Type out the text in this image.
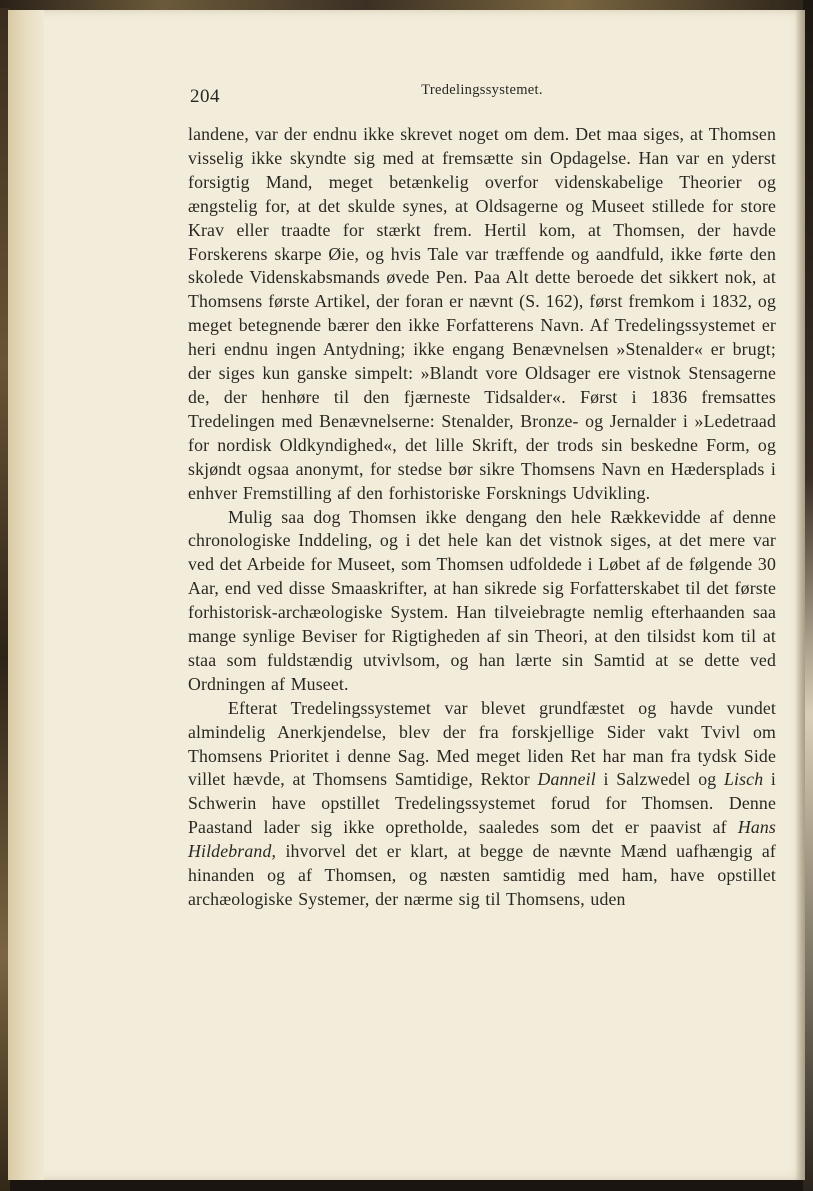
204	Tredelingssystemet.

landene, var der endnu ikke skrevet noget om dem. Det maa siges, at Thomsen visselig ikke skyndte sig med at fremsætte sin Opdagelse. Han var en yderst forsigtig Mand, meget betænkelig overfor videnskabelige Theorier og ængstelig for, at det skulde synes, at Oldsagerne og Museet stillede for store Krav eller traadte for stærkt frem. Hertil kom, at Thomsen, der havde Forskerens skarpe Øie, og hvis Tale var træffende og aandfuld, ikke førte den skolede Videnskabsmands øvede Pen. Paa Alt dette beroede det sikkert nok, at Thomsens første Artikel, der foran er nævnt (S. 162), først fremkom i 1832, og meget betegnende bærer den ikke Forfatterens Navn. Af Tredelingssystemet er heri endnu ingen Antydning; ikke engang Benævnelsen »Stenalder« er brugt; der siges kun ganske simpelt: »Blandt vore Oldsager ere vistnok Stensagerne de, der henhøre til den fjærneste Tidsalder«. Først i 1836 fremsattes Tredelingen med Benævnelserne: Stenalder, Bronze- og Jernalder i »Ledetraad for nordisk Oldkyndighed«, det lille Skrift, der trods sin beskedne Form, og skjøndt ogsaa anonymt, for stedse bør sikre Thomsens Navn en Hædersplads i enhver Fremstilling af den forhistoriske Forsknings Udvikling.

Mulig saa dog Thomsen ikke dengang den hele Rækkevidde af denne chronologiske Inddeling, og i det hele kan det vistnok siges, at det mere var ved det Arbeide for Museet, som Thomsen udfoldede i Løbet af de følgende 30 Aar, end ved disse Smaaskrifter, at han sikrede sig Forfatterskabet til det første forhistorisk-archæologiske System. Han tilveiebragte nemlig efterhaanden saa mange synlige Beviser for Rigtigheden af sin Theori, at den tilsidst kom til at staa som fuldstændig utvivlsom, og han lærte sin Samtid at se dette ved Ordningen af Museet.

Efterat Tredelingssystemet var blevet grundfæstet og havde vundet almindelig Anerkjendelse, blev der fra forskjellige Sider vakt Tvivl om Thomsens Prioritet i denne Sag. Med meget liden Ret har man fra tydsk Side villet hævde, at Thomsens Samtidige, Rektor Danneil i Salzwedel og Lisch i Schwerin have opstillet Tredelingssystemet forud for Thomsen. Denne Paastand lader sig ikke opretholde, saaledes som det er paavist af Hans Hildebrand, ihvorvel det er klart, at begge de nævnte Mænd uafhængig af hinanden og af Thomsen, og næsten samtidig med ham, have opstillet archæologiske Systemer, der nærme sig til Thomsens, uden
